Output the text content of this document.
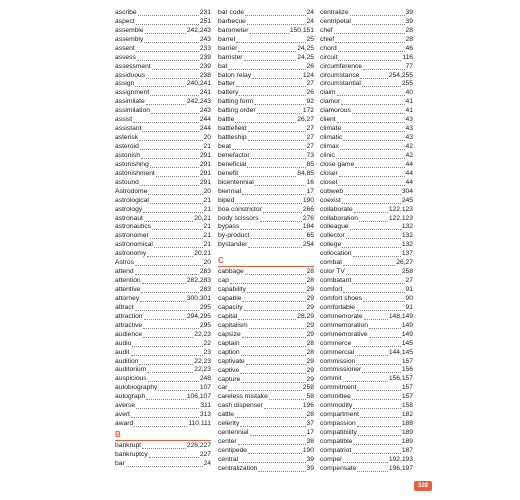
ascribe	231
aspect	251
assemble	242,243
assembly	243
assent	233
assess	239
assessment	239
assiduous	238
assign	240,241
assignment	241
assimilate	242,243
assimilation	243
assist	244
assistant	244
asterisk	20
asteroid	21
astonish	291
astonishing	291
astonishment	291
astound	291
Astrodome	20
astrological	21
astrology	21
astronaut	20,21
astronautics	21
astronomer	21
astronomical	21
astronomy	20,21
Astros	20
attend	283
attention	282,283
attentive	283
attorney	300,301
attract	295
attraction	294,295
attractive	295
audience	22,23
audio	22
audit	23
audition	22,23
auditorium	22,23
auspicious	248
autobiography	107
autograph	106,107
averse	311
avert	313
award	110,111
B
bankrupt	226,227
bankruptcy	227
bar	24
bar code	24
barbecue	24
barometer	150,151
barrel	25
barrier	24,25
barrister	24,25
bat	26
baton relay	124
batter	27
battery	26
batting form	92
batting order	172
battle	26,27
battlefield	27
battleship	27
beat	27
benefactor	73
beneficial	85
benefit	84,85
bicentennial	16
biennial	17
biped	190
boa constrictor	266
body scissors	276
bypass	184
by-product	65
bystander	254
C
cabbage	28
cap	28
capability	29
capable	29
capacity	29
capital	28,29
capitalism	29
capsize	29
captain	28
caption	28
captivate	29
captive	29
capture	29
car	258
careless mistake	58
cash dispenser	196
cattle	28
celerity	37
centennial	17
center	38
centipede	190
central	39
centralization	39
centralize	39
centripetal	39
chef	28
chief	28
chord	46
circuit	116
circumference	77
circumstance	254,255
circumstantial	255
claim	40
clamor	41
clamorous	41
client	43
climate	43
climatic	43
climax	42
clinic	42
close game	44
closer	44
closet	44
cobweb	304
coexist	245
collaborate	122,123
collaboration	122,123
colleague	132
collector	132
college	132
collocation	137
combat	26,27
color TV	258
combatant	27
comfort	91
comfort shoes	90
comfortable	91
commemorate	148,149
commemoration	149
commemorative	149
commerce	145
commercial	144,145
commission	157
commissioner	156
commit	156,157
commitment	157
committee	157
commodity	158
compartment	182
compassion	188
compatibility	189
compatible	189
compatriot	187
compel	192,193
compensate	196,197
328
